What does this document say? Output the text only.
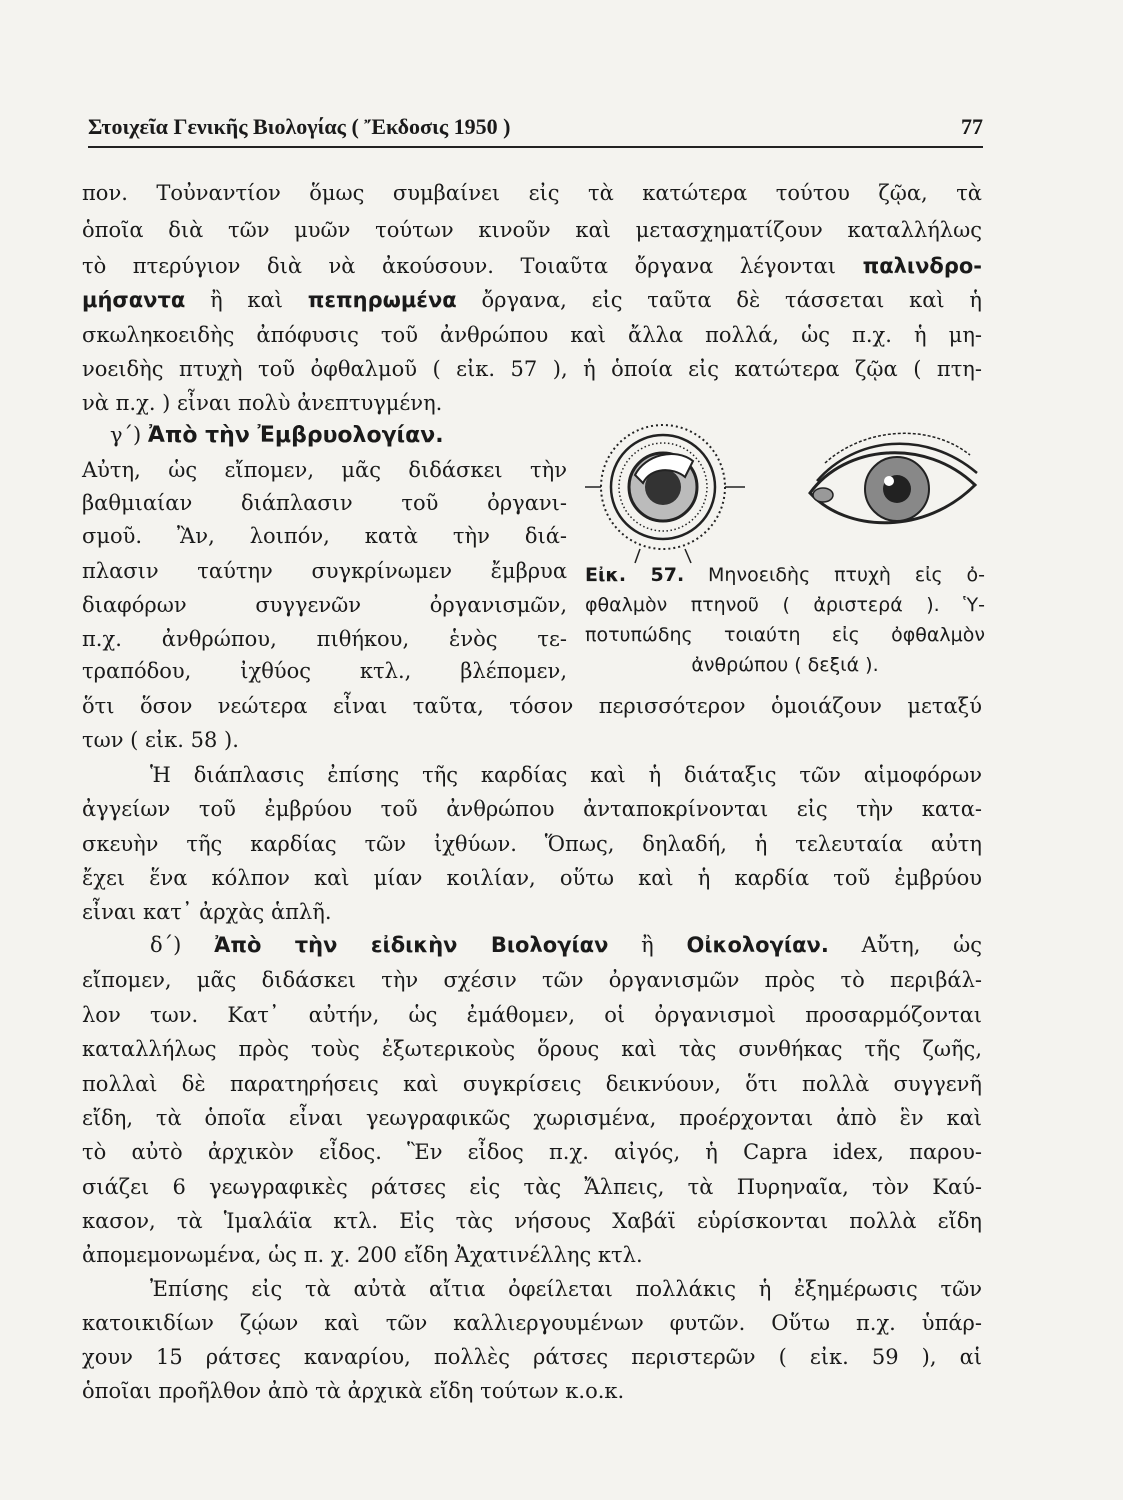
Στοιχεῖα Γενικῆς Βιολογίας ( Ἔκδοσις 1950 )	77
πον. Τοὐναντίον ὅμως συμβαίνει εἰς τὰ κατώτερα τούτου ζῷα, τὰ
ὁποῖα διὰ τῶν μυῶν τούτων κινοῦν καὶ μετασχηματίζουν καταλλήλως
τὸ πτερύγιον διὰ νὰ ἀκούσουν. Τοιαῦτα ὄργανα λέγονται παλινδρο-
μήσαντα ἢ καὶ πεπηρωμένα ὄργανα, εἰς ταῦτα δὲ τάσσεται καὶ ἡ
σκωληκοειδὴς ἀπόφυσις τοῦ ἀνθρώπου καὶ ἄλλα πολλά, ὡς π.χ. ἡ μη-
νοειδὴς πτυχὴ τοῦ ὀφθαλμοῦ ( εἰκ. 57 ), ἡ ὁποία εἰς κατώτερα ζῷα ( πτη-
νὰ π.χ. ) εἶναι πολὺ ἀνεπτυγμένη.
γ΄) Ἀπὸ τὴν Ἐμβρυολογίαν.
Αὐτη, ὡς εἴπομεν, μᾶς διδάσκει τὴν
βαθμιαίαν διάπλασιν τοῦ ὀργανι-
σμοῦ. Ἂν, λοιπόν, κατὰ τὴν διά-
πλασιν ταύτην συγκρίνωμεν ἔμβρυα
διαφόρων συγγενῶν ὀργανισμῶν,
π.χ. ἀνθρώπου, πιθήκου, ἑνὸς τε-
τραπόδου, ἰχθύος κτλ., βλέπομεν,
ὅτι ὅσον νεώτερα εἶναι ταῦτα, τόσον περισσότερον ὁμοιάζουν μεταξύ
των ( εἰκ. 58 ).
Εἰκ. 57. Μηνοειδὴς πτυχὴ εἰς ὀ-
φθαλμὸν πτηνοῦ ( ἀριστερά ). Ὑ-
ποτυπώδης τοιαύτη εἰς ὀφθαλμὸν
ἀνθρώπου ( δεξιά ).
Ἡ διάπλασις ἐπίσης τῆς καρδίας καὶ ἡ διάταξις τῶν αἱμοφόρων
ἀγγείων τοῦ ἐμβρύου τοῦ ἀνθρώπου ἀνταποκρίνονται εἰς τὴν κατα-
σκευὴν τῆς καρδίας τῶν ἰχθύων. Ὅπως, δηλαδή, ἡ τελευταία αὐτη
ἔχει ἕνα κόλπον καὶ μίαν κοιλίαν, οὕτω καὶ ἡ καρδία τοῦ ἐμβρύου
εἶναι κατ᾽ ἀρχὰς ἁπλῆ.
δ΄) Ἀπὸ τὴν εἰδικὴν Βιολογίαν ἢ Οἰκολογίαν. Αὔτη, ὡς
εἴπομεν, μᾶς διδάσκει τὴν σχέσιν τῶν ὀργανισμῶν πρὸς τὸ περιβάλ-
λον των. Κατ᾽ αὐτήν, ὡς ἐμάθομεν, οἱ ὀργανισμοὶ προσαρμόζονται
καταλλήλως πρὸς τοὺς ἐξωτερικοὺς ὅρους καὶ τὰς συνθήκας τῆς ζωῆς,
πολλαὶ δὲ παρατηρήσεις καὶ συγκρίσεις δεικνύουν, ὅτι πολλὰ συγγενῆ
εἴδη, τὰ ὁποῖα εἶναι γεωγραφικῶς χωρισμένα, προέρχονται ἀπὸ ἓν καὶ
τὸ αὐτὸ ἀρχικὸν εἶδος. Ἓν εἶδος π.χ. αἰγός, ἡ Capra idex, παρου-
σιάζει 6 γεωγραφικὲς ράτσες εἰς τὰς Ἄλπεις, τὰ Πυρηναῖα, τὸν Καύ-
κασον, τὰ Ἱμαλάϊα κτλ. Εἰς τὰς νήσους Χαβάϊ εὑρίσκονται πολλὰ εἴδη
ἀπομεμονωμένα, ὡς π. χ. 200 εἴδη Ἀχατινέλλης κτλ.
Ἐπίσης εἰς τὰ αὐτὰ αἴτια ὀφείλεται πολλάκις ἡ ἐξημέρωσις τῶν
κατοικιδίων ζῴων καὶ τῶν καλλιεργουμένων φυτῶν. Οὕτω π.χ. ὑπάρ-
χουν 15 ράτσες καναρίου, πολλὲς ράτσες περιστερῶν ( εἰκ. 59 ), αἱ
ὁποῖαι προῆλθον ἀπὸ τὰ ἀρχικὰ εἴδη τούτων κ.ο.κ.
